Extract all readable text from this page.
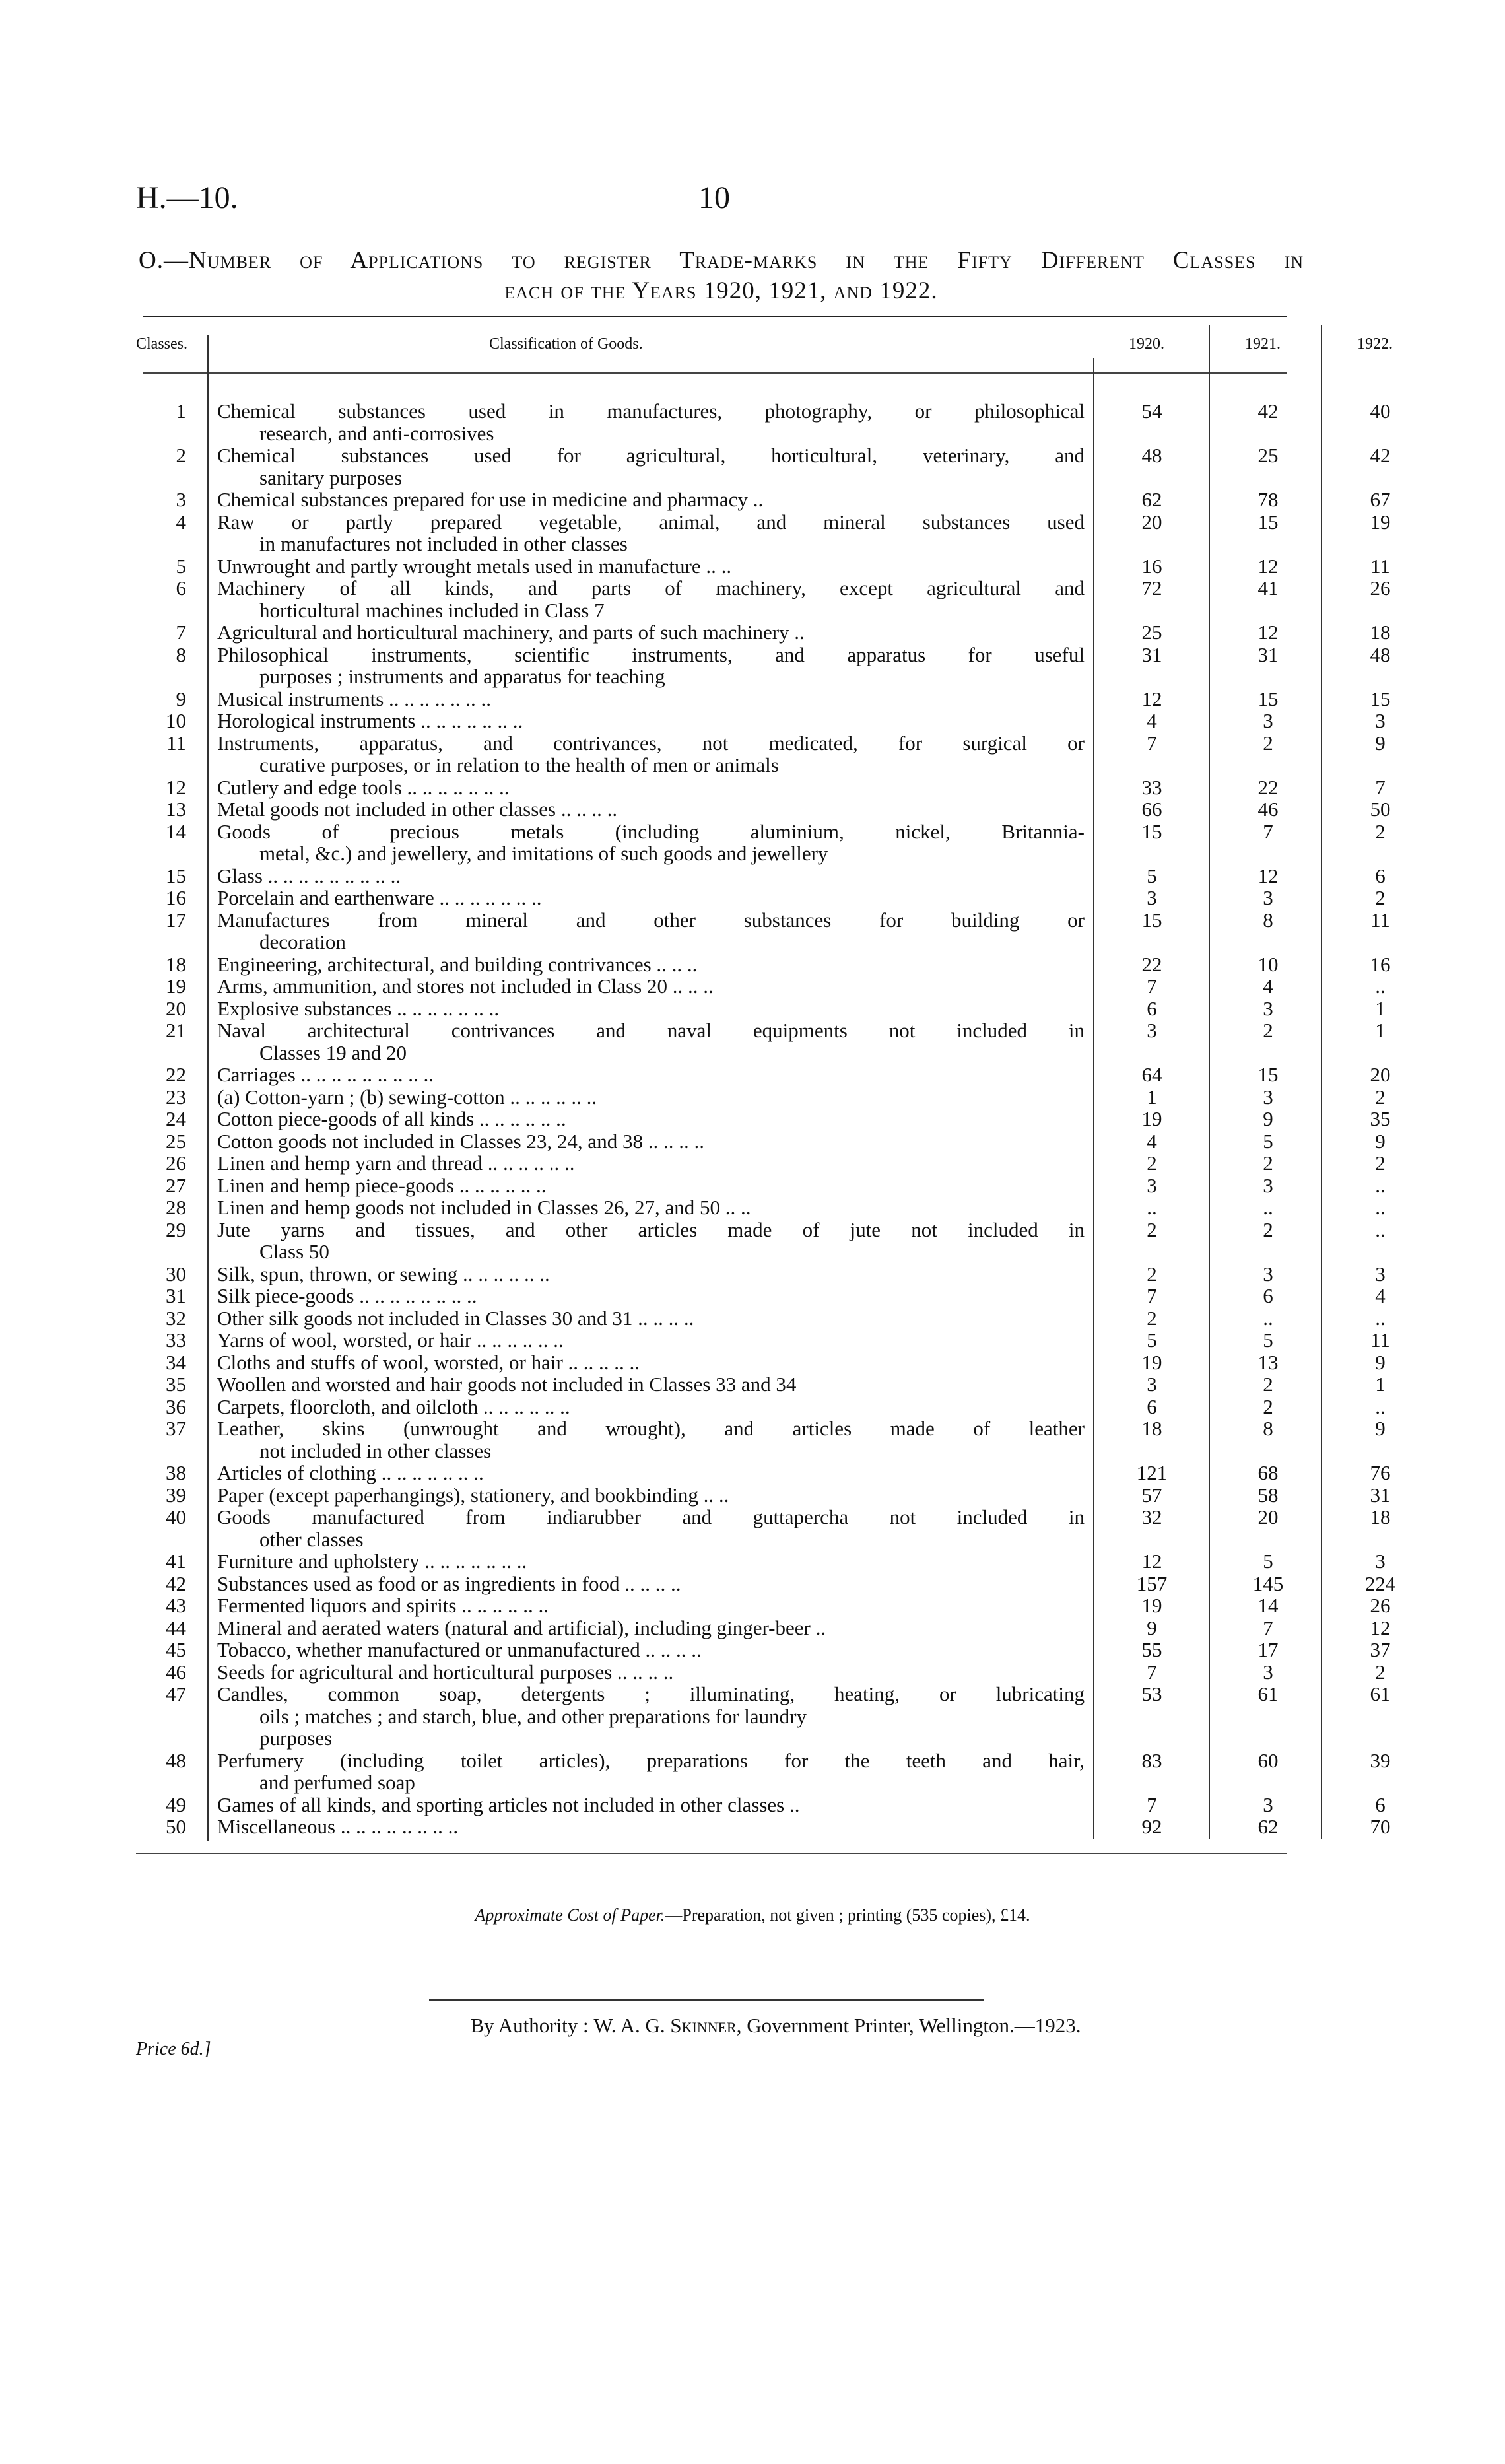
H.—10.	10
O.—Number of Applications to register Trade-marks in the Fifty Different Classes in
each of the Years 1920, 1921, and 1922.
Classes.	Classification of Goods.	1920.	1921.	1922.
1 Chemical substances used in manufactures, photography, or philosophical
research, and anti-corrosives
54	42	40
2 Chemical substances used for agricultural, horticultural, veterinary, and
sanitary purposes
48	25	42
3 Chemical substances prepared for use in medicine and pharmacy ..	62	78	67
4 Raw or partly prepared vegetable, animal, and mineral substances used
in manufactures not included in other classes
20	15	19
5 Unwrought and partly wrought metals used in manufacture .. ..	16	12	11
6 Machinery of all kinds, and parts of machinery, except agricultural and
horticultural machines included in Class 7
72	41	26
7 Agricultural and horticultural machinery, and parts of such machinery ..	25	12	18
8 Philosophical instruments, scientific instruments, and apparatus for useful
purposes ; instruments and apparatus for teaching
31	31	48
9 Musical instruments .. .. .. .. .. .. ..	12	15	15
10 Horological instruments .. .. .. .. .. .. ..	4	3	3
11 Instruments, apparatus, and contrivances, not medicated, for surgical or
curative purposes, or in relation to the health of men or animals
7	2	9
12 Cutlery and edge tools .. .. .. .. .. .. ..	33	22	7
13 Metal goods not included in other classes .. .. .. ..	66	46	50
14 Goods of precious metals (including aluminium, nickel, Britannia-
metal, &c.) and jewellery, and imitations of such goods and jewellery
15	7	2
15 Glass .. .. .. .. .. .. .. .. ..	5	12	6
16 Porcelain and earthenware .. .. .. .. .. .. ..	3	3	2
17 Manufactures from mineral and other substances for building or
decoration
15	8	11
18 Engineering, architectural, and building contrivances .. .. ..	22	10	16
19 Arms, ammunition, and stores not included in Class 20 .. .. ..	7	4	..
20 Explosive substances .. .. .. .. .. .. ..	6	3	1
21 Naval architectural contrivances and naval equipments not included in
Classes 19 and 20
3	2	1
22 Carriages .. .. .. .. .. .. .. .. ..	64	15	20
23 (a) Cotton-yarn ; (b) sewing-cotton .. .. .. .. .. ..	1	3	2
24 Cotton piece-goods of all kinds .. .. .. .. .. ..	19	9	35
25 Cotton goods not included in Classes 23, 24, and 38 .. .. .. ..	4	5	9
26 Linen and hemp yarn and thread .. .. .. .. .. ..	2	2	2
27 Linen and hemp piece-goods .. .. .. .. .. ..	3	3	..
28 Linen and hemp goods not included in Classes 26, 27, and 50 .. ..	..	..	..
29 Jute yarns and tissues, and other articles made of jute not included in
Class 50
2	2	..
30 Silk, spun, thrown, or sewing .. .. .. .. .. ..	2	3	3
31 Silk piece-goods .. .. .. .. .. .. .. ..	7	6	4
32 Other silk goods not included in Classes 30 and 31 .. .. .. ..	2	..	..
33 Yarns of wool, worsted, or hair .. .. .. .. .. ..	5	5	11
34 Cloths and stuffs of wool, worsted, or hair .. .. .. .. ..	19	13	9
35 Woollen and worsted and hair goods not included in Classes 33 and 34	3	2	1
36 Carpets, floorcloth, and oilcloth .. .. .. .. .. ..	6	2	..
37 Leather, skins (unwrought and wrought), and articles made of leather
not included in other classes
18	8	9
38 Articles of clothing .. .. .. .. .. .. ..	121	68	76
39 Paper (except paperhangings), stationery, and bookbinding .. ..	57	58	31
40 Goods manufactured from indiarubber and guttapercha not included in
other classes
32	20	18
41 Furniture and upholstery .. .. .. .. .. .. ..	12	5	3
42 Substances used as food or as ingredients in food .. .. .. ..	157	145	224
43 Fermented liquors and spirits .. .. .. .. .. ..	19	14	26
44 Mineral and aerated waters (natural and artificial), including ginger-beer ..	9	7	12
45 Tobacco, whether manufactured or unmanufactured .. .. .. ..	55	17	37
46 Seeds for agricultural and horticultural purposes .. .. .. ..	7	3	2
47 Candles, common soap, detergents ; illuminating, heating, or lubricating
oils ; matches ; and starch, blue, and other preparations for laundry
purposes
53	61	61
48 Perfumery (including toilet articles), preparations for the teeth and hair,
and perfumed soap
83	60	39
49 Games of all kinds, and sporting articles not included in other classes ..	7	3	6
50 Miscellaneous .. .. .. .. .. .. .. ..	92	62	70
Approximate Cost of Paper.—Preparation, not given ; printing (535 copies), £14.
By Authority : W. A. G. Skinner, Government Printer, Wellington.—1923.
Price 6d.]
